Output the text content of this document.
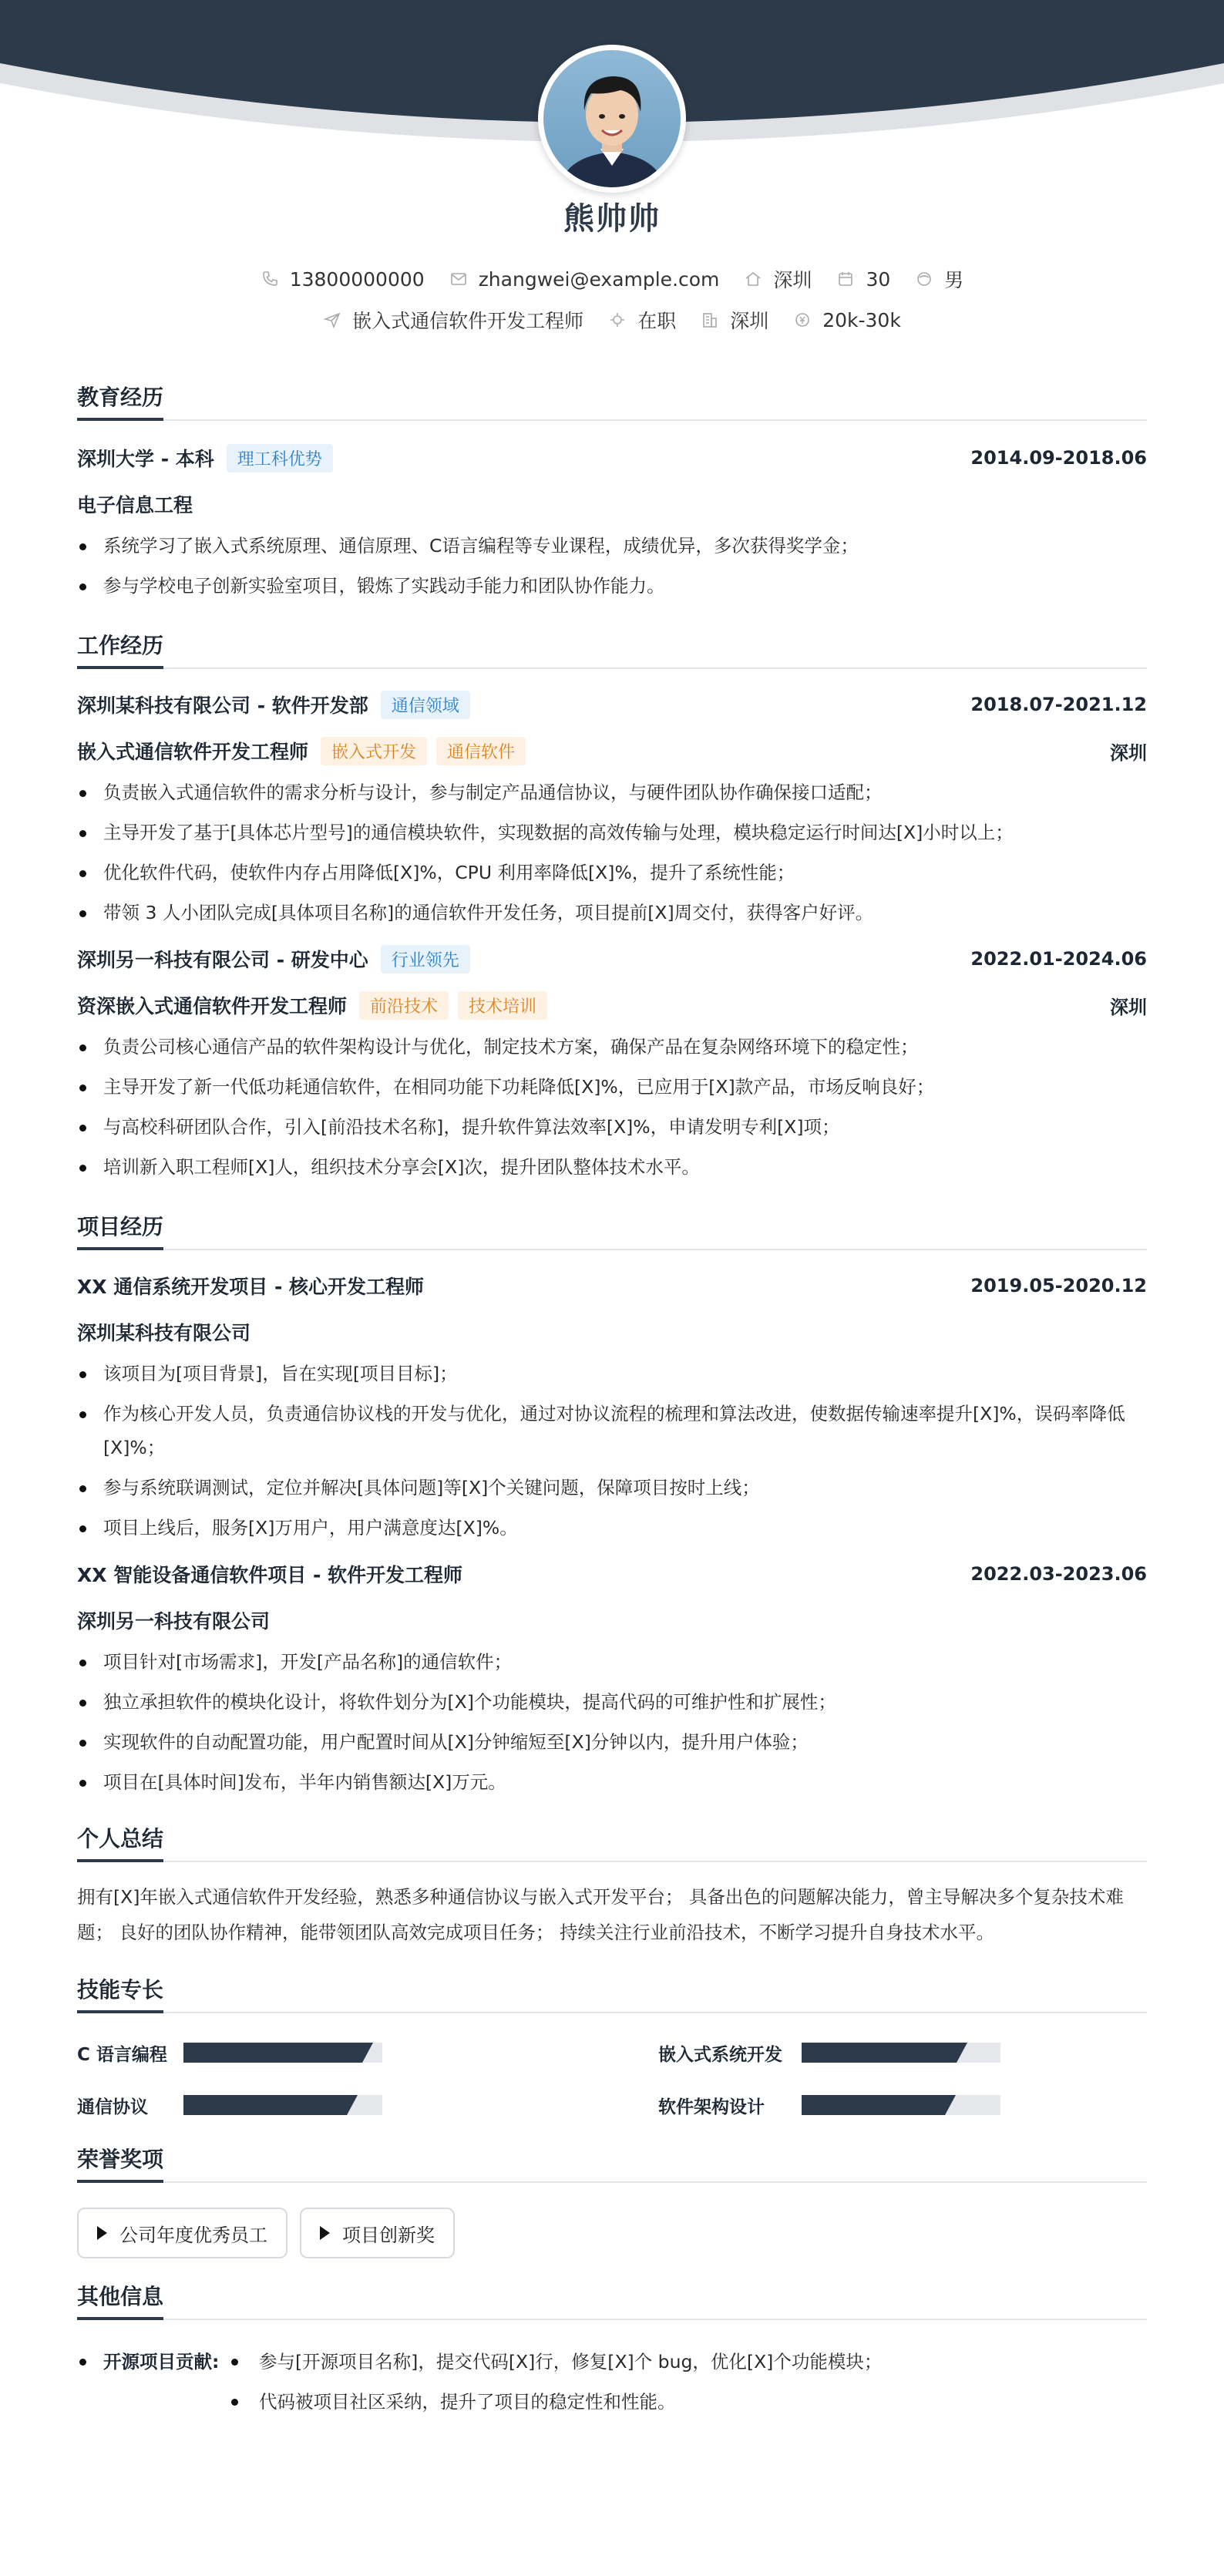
熊帅帅
13800000000	zhangwei@example.com	深圳	30	男
嵌入式通信软件开发工程师	在职	深圳	20k-30k
教育经历
深圳大学 - 本科	理工科优势	2014.09-2018.06
电子信息工程
系统学习了嵌入式系统原理、通信原理、C语言编程等专业课程，成绩优异，多次获得奖学金；
参与学校电子创新实验室项目，锻炼了实践动手能力和团队协作能力。
工作经历
深圳某科技有限公司 - 软件开发部	通信领域	2018.07-2021.12
嵌入式通信软件开发工程师	嵌入式开发	通信软件	深圳
负责嵌入式通信软件的需求分析与设计，参与制定产品通信协议，与硬件团队协作确保接口适配；
主导开发了基于[具体芯片型号]的通信模块软件，实现数据的高效传输与处理，模块稳定运行时间达[X]小时以上；
优化软件代码，使软件内存占用降低[X]%，CPU 利用率降低[X]%，提升了系统性能；
带领 3 人小团队完成[具体项目名称]的通信软件开发任务，项目提前[X]周交付，获得客户好评。
深圳另一科技有限公司 - 研发中心	行业领先	2022.01-2024.06
资深嵌入式通信软件开发工程师	前沿技术	技术培训	深圳
负责公司核心通信产品的软件架构设计与优化，制定技术方案，确保产品在复杂网络环境下的稳定性；
主导开发了新一代低功耗通信软件，在相同功能下功耗降低[X]%，已应用于[X]款产品，市场反响良好；
与高校科研团队合作，引入[前沿技术名称]，提升软件算法效率[X]%，申请发明专利[X]项；
培训新入职工程师[X]人，组织技术分享会[X]次，提升团队整体技术水平。
项目经历
XX 通信系统开发项目 - 核心开发工程师	2019.05-2020.12
深圳某科技有限公司
该项目为[项目背景]，旨在实现[项目目标]；
作为核心开发人员，负责通信协议栈的开发与优化，通过对协议流程的梳理和算法改进，使数据传输速率提升[X]%，误码率降低[X]%；
参与系统联调测试，定位并解决[具体问题]等[X]个关键问题，保障项目按时上线；
项目上线后，服务[X]万用户，用户满意度达[X]%。
XX 智能设备通信软件项目 - 软件开发工程师	2022.03-2023.06
深圳另一科技有限公司
项目针对[市场需求]，开发[产品名称]的通信软件；
独立承担软件的模块化设计，将软件划分为[X]个功能模块，提高代码的可维护性和扩展性；
实现软件的自动配置功能，用户配置时间从[X]分钟缩短至[X]分钟以内，提升用户体验；
项目在[具体时间]发布，半年内销售额达[X]万元。
个人总结

拥有[X]年嵌入式通信软件开发经验，熟悉多种通信协议与嵌入式开发平台； 具备出色的问题解决能力，曾主导解决多个复杂技术难题； 良好的团队协作精神，能带领团队高效完成项目任务； 持续关注行业前沿技术，不断学习提升自身技术水平。

技能专长
C 语言编程	嵌入式系统开发
通信协议	软件架构设计
荣誉奖项
公司年度优秀员工	项目创新奖
其他信息
开源项目贡献:	参与[开源项目名称]，提交代码[X]行，修复[X]个 bug，优化[X]个功能模块；
代码被项目社区采纳，提升了项目的稳定性和性能。
